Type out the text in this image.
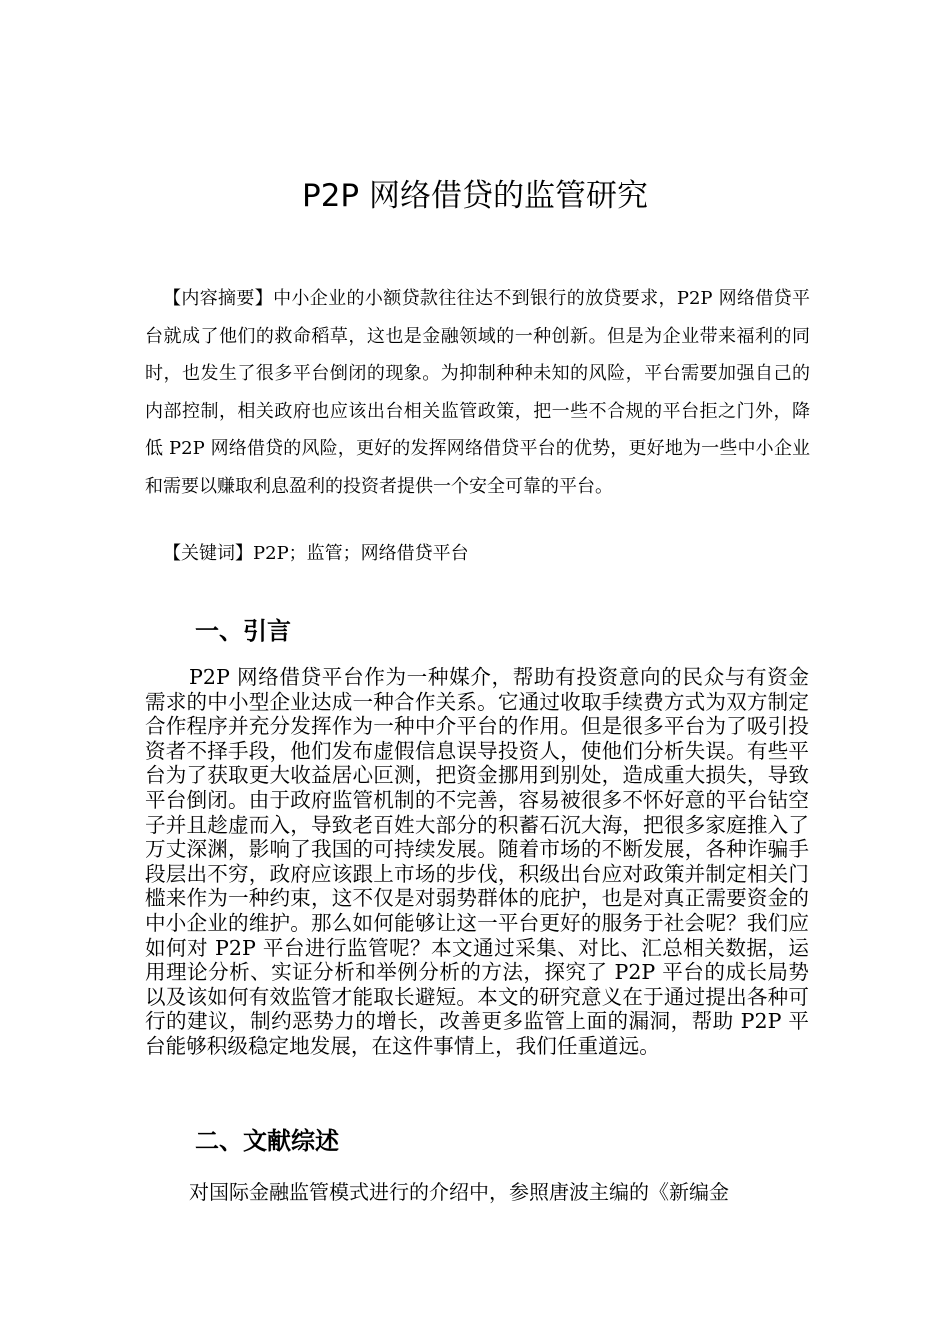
P2P 网络借贷的监管研究

【内容摘要】中小企业的小额贷款往往达不到银行的放贷要求，P2P 网络借贷平台就成了他们的救命稻草，这也是金融领域的一种创新。但是为企业带来福利的同时，也发生了很多平台倒闭的现象。为抑制种种未知的风险，平台需要加强自己的内部控制，相关政府也应该出台相关监管政策，把一些不合规的平台拒之门外，降低 P2P 网络借贷的风险，更好的发挥网络借贷平台的优势，更好地为一些中小企业和需要以赚取利息盈利的投资者提供一个安全可靠的平台。

【关键词】P2P；监管；网络借贷平台

一、引言

P2P 网络借贷平台作为一种媒介，帮助有投资意向的民众与有资金需求的中小型企业达成一种合作关系。它通过收取手续费方式为双方制定合作程序并充分发挥作为一种中介平台的作用。但是很多平台为了吸引投资者不择手段，他们发布虚假信息误导投资人，使他们分析失误。有些平台为了获取更大收益居心叵测，把资金挪用到别处，造成重大损失，导致平台倒闭。由于政府监管机制的不完善，容易被很多不怀好意的平台钻空子并且趁虚而入，导致老百姓大部分的积蓄石沉大海，把很多家庭推入了万丈深渊，影响了我国的可持续发展。随着市场的不断发展，各种诈骗手段层出不穷，政府应该跟上市场的步伐，积级出台应对政策并制定相关门槛来作为一种约束，这不仅是对弱势群体的庇护，也是对真正需要资金的中小企业的维护。那么如何能够让这一平台更好的服务于社会呢？我们应如何对 P2P 平台进行监管呢？本文通过采集、对比、汇总相关数据，运用理论分析、实证分析和举例分析的方法，探究了 P2P 平台的成长局势以及该如何有效监管才能取长避短。本文的研究意义在于通过提出各种可行的建议，制约恶势力的增长，改善更多监管上面的漏洞，帮助 P2P 平台能够积级稳定地发展，在这件事情上，我们任重道远。

二、文献综述

对国际金融监管模式进行的介绍中，参照唐波主编的《新编金
